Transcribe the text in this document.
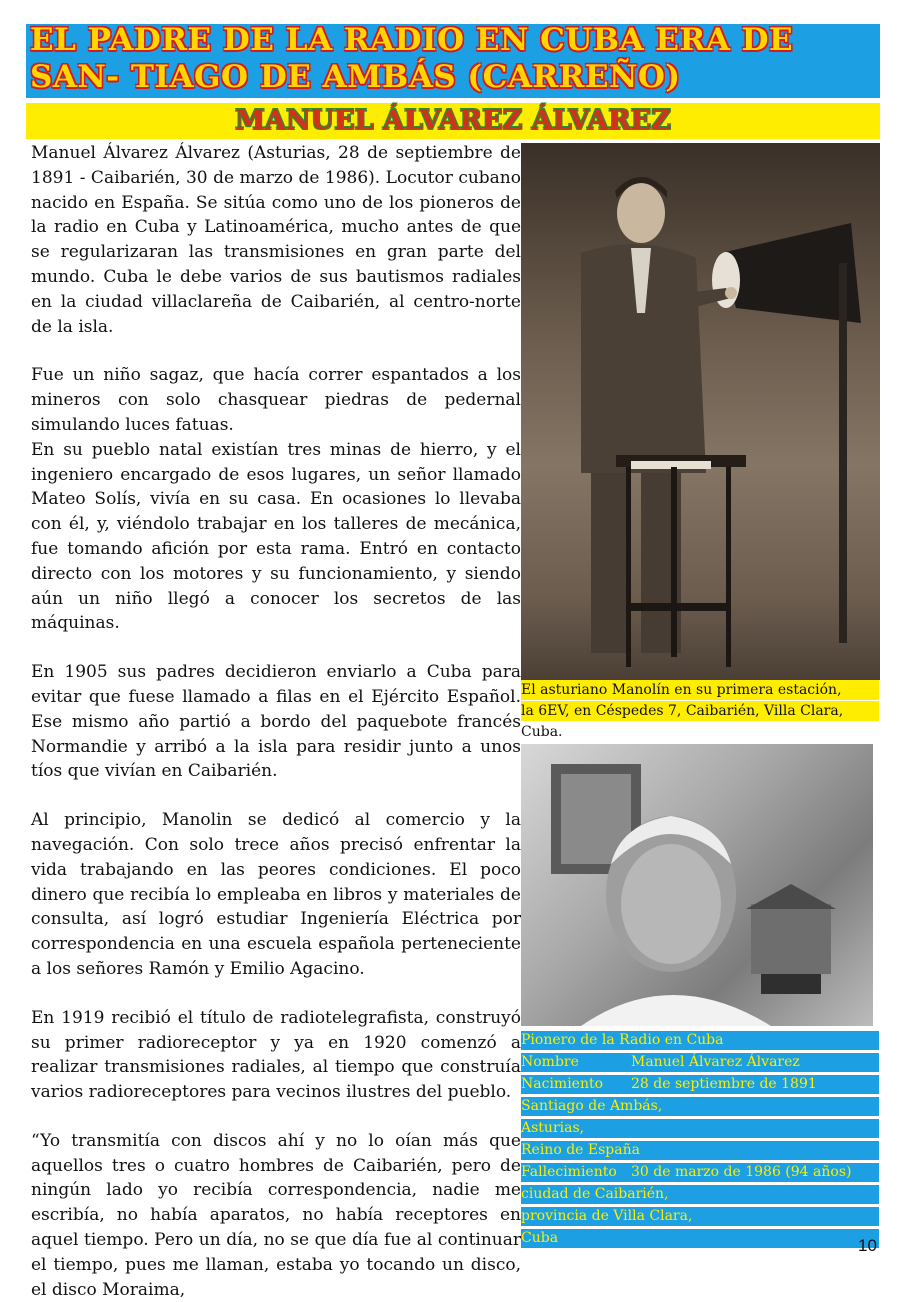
EL PADRE DE LA RADIO EN CUBA ERA DE SAN- TIAGO DE AMBÁS (CARREÑO)
MANUEL ÁLVAREZ ÁLVAREZ

Manuel Álvarez Álvarez (Asturias, 28 de septiembre de 1891 - Caibarién, 30 de marzo de 1986). Locutor cubano nacido en España. Se sitúa como uno de los pioneros de la radio en Cuba y Latinoamérica, mucho antes de que se regularizaran las transmisiones en gran parte del mundo. Cuba le debe varios de sus bautismos radiales en la ciudad villaclareña de Caibarién, al centro-norte de la isla.

Fue un niño sagaz, que hacía correr espantados a los mineros con solo chasquear piedras de pedernal simulando luces fatuas.

En su pueblo natal existían tres minas de hierro, y el ingeniero encargado de esos lugares, un señor llamado Mateo Solís, vivía en su casa. En ocasiones lo llevaba con él, y, viéndolo trabajar en los talleres de mecánica, fue tomando afición por esta rama. Entró en contacto directo con los motores y su funcionamiento, y siendo aún un niño llegó a conocer los secretos de las máquinas.

En 1905 sus padres decidieron enviarlo a Cuba para evitar que fuese llamado a filas en el Ejército Español. Ese mismo año partió a bordo del paquebote francés Normandie y arribó a la isla para residir junto a unos tíos que vivían en Caibarién.

Al principio, Manolin se dedicó al comercio y la navegación. Con solo trece años precisó enfrentar la vida trabajando en las peores condiciones. El poco dinero que recibía lo empleaba en libros y materiales de consulta, así logró estudiar Ingeniería Eléctrica por correspondencia en una escuela española perteneciente a los señores Ramón y Emilio Agacino.

En 1919 recibió el título de radiotelegrafista, construyó su primer radioreceptor y ya en 1920 comenzó a realizar transmisiones radiales, al tiempo que construía varios radioreceptores para vecinos ilustres del pueblo.

“Yo transmitía con discos ahí y no lo oían más que aquellos tres o cuatro hombres de Caibarién, pero de ningún lado yo recibía correspondencia, nadie me escribía, no había aparatos, no había receptores en aquel tiempo. Pero un día, no se que día fue al continuar el tiempo, pues me llaman, estaba yo tocando un disco, el disco Moraima,

El asturiano Manolín en su primera estación,
la 6EV, en Céspedes 7, Caibarién, Villa Clara,
Cuba.
Pionero de la Radio en Cuba
Nombre	Manuel Álvarez Álvarez
Nacimiento 28 de septiembre de 1891
Santiago de Ambás,
Asturias,
Reino de España
Fallecimiento 30 de marzo de 1986 (94 años)
ciudad de Caibarién,
provincia de Villa Clara,
Cuba	10
